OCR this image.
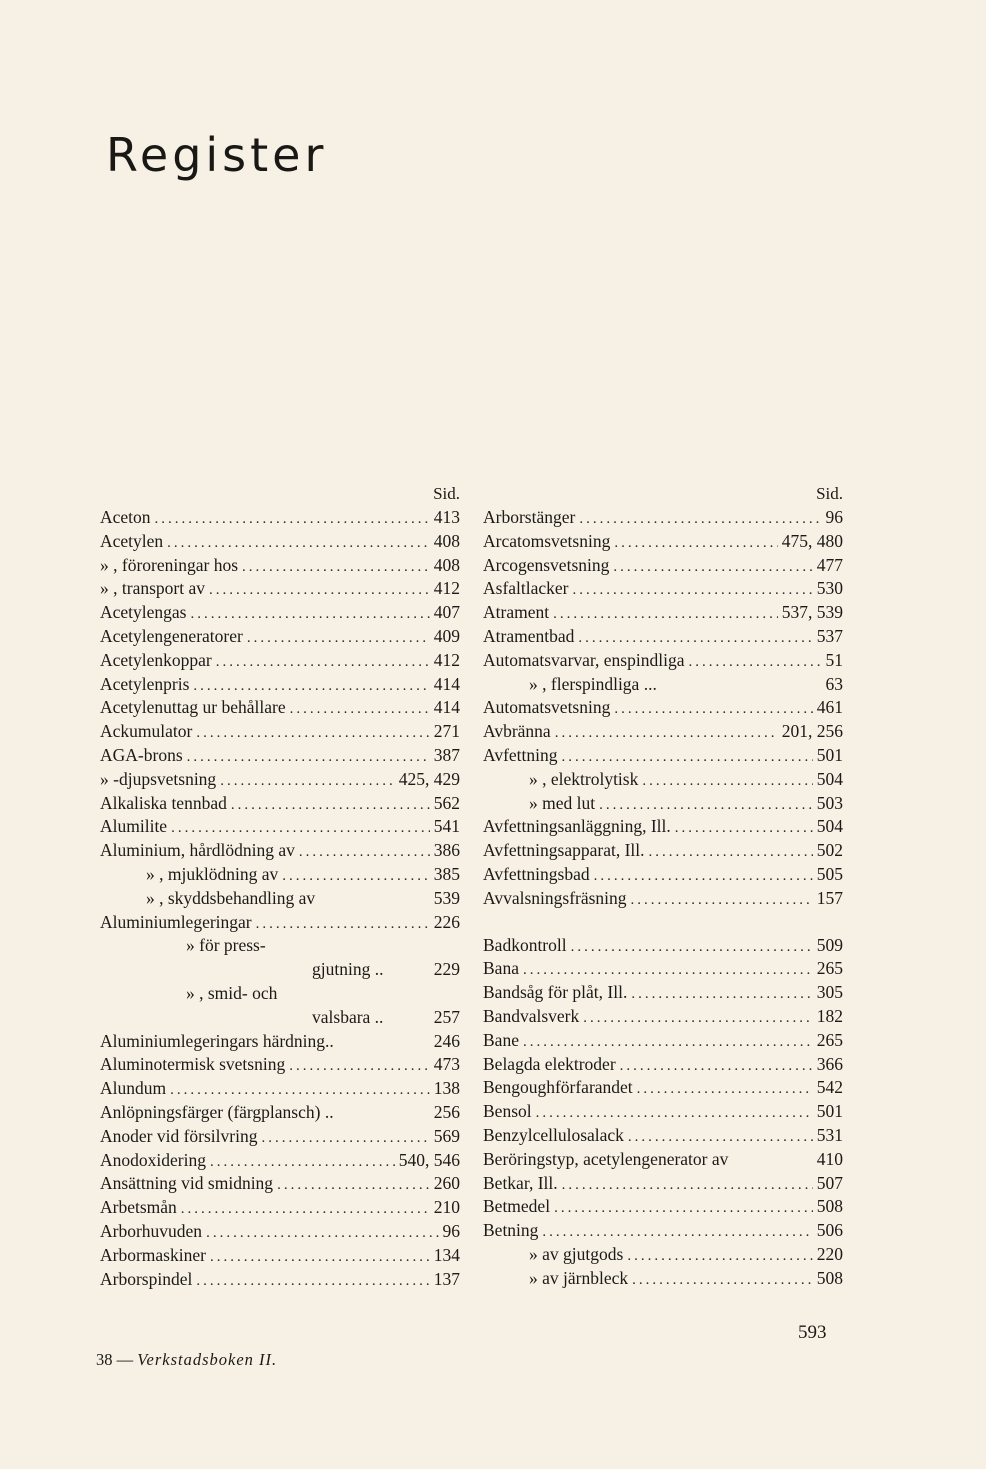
Register
Sid.
Aceton .....	413
Acetylen .....	408
» , föroreningar hos .....	408
» , transport av .....	412
Acetylengas .....	407
Acetylengeneratorer .....	409
Acetylenkoppar .....	412
Acetylenpris .....	414
Acetylenuttag ur behållare .....	414
Ackumulator .....	271
AGA-brons .....	387
» -djupsvetsning .....	425, 429
Alkaliska tennbad .....	562
Alumilite .....	541
Aluminium, hårdlödning av .....	386
» , mjuklödning av .....	385
» , skyddsbehandling av	539
Aluminiumlegeringar .....	226
» för press-
gjutning ..	229
» , smid- och
valsbara ..	257
Aluminiumlegeringars härdning..	246
Aluminotermisk svetsning .....	473
Alundum .....	138
Anlöpningsfärger (färgplansch) ..	256
Anoder vid försilvring .....	569
Anodoxidering .....	540, 546
Ansättning vid smidning .....	260
Arbetsmån .....	210
Arborhuvuden .....	96
Arbormaskiner .....	134
Arborspindel .....	137
Sid.
Arborstänger .....	96
Arcatomsvetsning .....	475, 480
Arcogensvetsning .....	477
Asfaltlacker .....	530
Atrament .....	537, 539
Atramentbad .....	537
Automatsvarvar, enspindliga .....	51
» , flerspindliga ...	63
Automatsvetsning .....	461
Avbränna .....	201, 256
Avfettning .....	501
» , elektrolytisk .....	504
» med lut .....	503
Avfettningsanläggning, Ill. .....	504
Avfettningsapparat, Ill. .....	502
Avfettningsbad .....	505
Avvalsningsfräsning .....	157
Badkontroll .....	509
Bana .....	265
Bandsåg för plåt, Ill. .....	305
Bandvalsverk .....	182
Bane .....	265
Belagda elektroder .....	366
Bengoughförfarandet .....	542
Bensol .....	501
Benzylcellulosalack .....	531
Beröringstyp, acetylengenerator av	410
Betkar, Ill. .....	507
Betmedel .....	508
Betning .....	506
» av gjutgods .....	220
» av järnbleck .....	508
38 — Verkstadsboken II.
593
